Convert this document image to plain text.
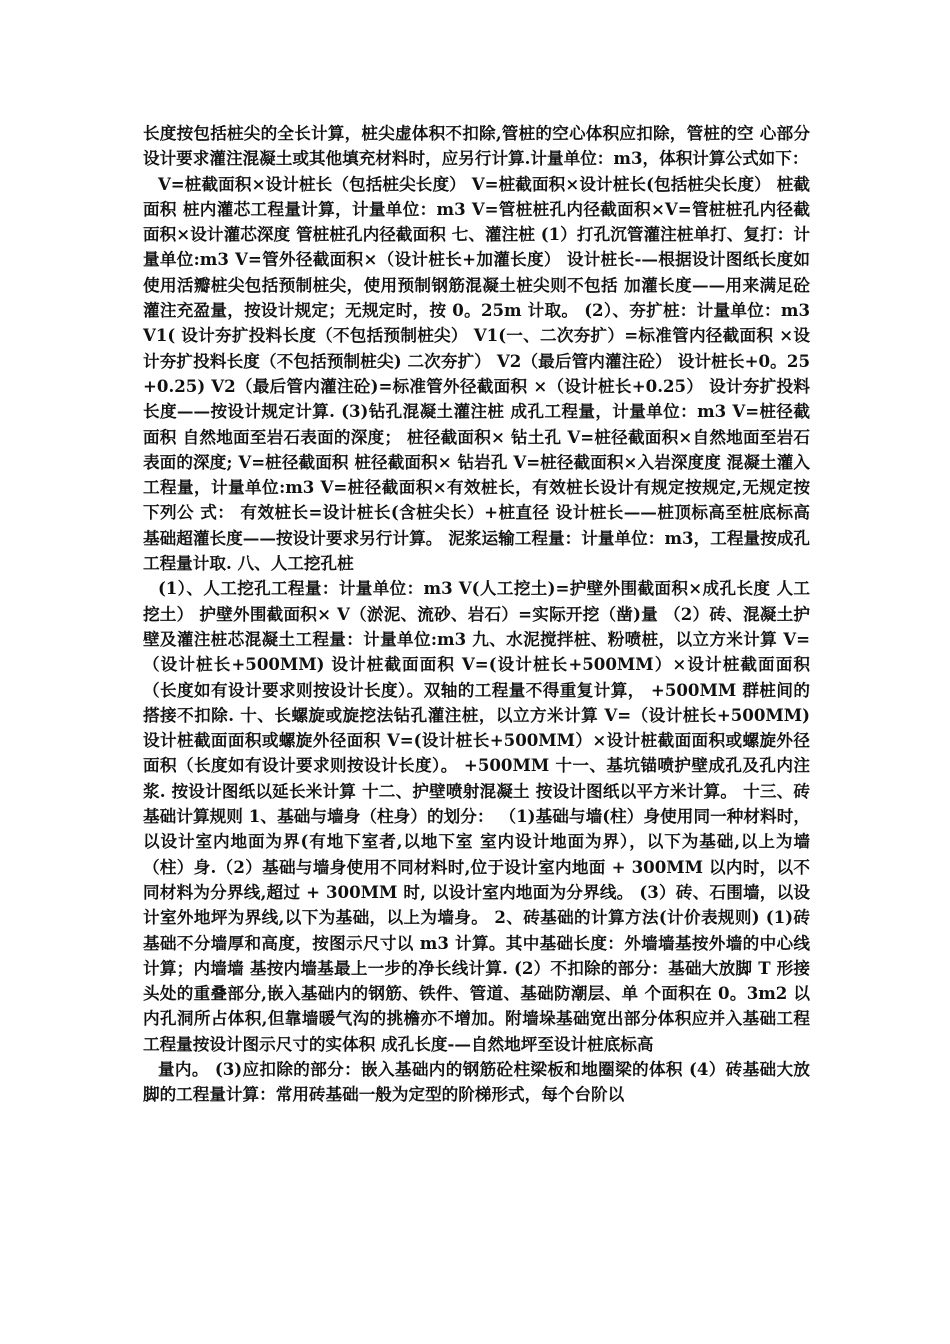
长度按包括桩尖的全长计算，桩尖虚体积不扣除,管桩的空心体积应扣除，管桩的空 心部分设计要求灌注混凝土或其他填充材料时，应另行计算.计量单位：m3，体积计算公式如下：

V=桩截面积×设计桩长（包括桩尖长度） V=桩截面积×设计桩长(包括桩尖长度） 桩截面积 桩内灌芯工程量计算，计量单位：m3 V=管桩桩孔内径截面积×V=管桩桩孔内径截面积×设计灌芯深度 管桩桩孔内径截面积 七、灌注桩 (1）打孔沉管灌注桩单打、复打：计量单位:m3 V=管外径截面积×（设计桩长+加灌长度） 设计桩长-—根据设计图纸长度如使用活瓣桩尖包括预制桩尖，使用预制钢筋混凝土桩尖则不包括 加灌长度——用来满足砼灌注充盈量，按设计规定；无规定时，按 0。25m 计取。 (2）、夯扩桩：计量单位：m3 V1( 设计夯扩投料长度（不包括预制桩尖） V1(一、二次夯扩）=标准管内径截面积 ×设计夯扩投料长度（不包括预制桩尖) 二次夯扩） V2（最后管内灌注砼） 设计桩长+0。25 +0.25) V2（最后管内灌注砼)=标准管外径截面积 ×（设计桩长+0.25） 设计夯扩投料长度——按设计规定计算. (3)钻孔混凝土灌注桩 成孔工程量，计量单位：m3 V=桩径截面积 自然地面至岩石表面的深度； 桩径截面积× 钻土孔 V=桩径截面积×自然地面至岩石表面的深度; V=桩径截面积 桩径截面积× 钻岩孔 V=桩径截面积×入岩深度度 混凝土灌入工程量，计量单位:m3 V=桩径截面积×有效桩长，有效桩长设计有规定按规定,无规定按下列公 式： 有效桩长=设计桩长(含桩尖长）+桩直径 设计桩长——桩顶标高至桩底标高 基础超灌长度——按设计要求另行计算。 泥浆运输工程量：计量单位：m3，工程量按成孔工程量计取. 八、人工挖孔桩

(1）、人工挖孔工程量：计量单位：m3 V(人工挖土)=护壁外围截面积×成孔长度 人工挖土） 护壁外围截面积× V（淤泥、流砂、岩石）=实际开挖（凿)量 （2）砖、混凝土护壁及灌注桩芯混凝土工程量：计量单位:m3 九、水泥搅拌桩、粉喷桩，以立方米计算 V=（设计桩长+500MM) 设计桩截面面积 V=(设计桩长+500MM）×设计桩截面面积（长度如有设计要求则按设计长度）。双轴的工程量不得重复计算， +500MM 群桩间的搭接不扣除. 十、长螺旋或旋挖法钻孔灌注桩，以立方米计算 V=（设计桩长+500MM) 设计桩截面面积或螺旋外径面积 V=(设计桩长+500MM）×设计桩截面面积或螺旋外径面积（长度如有设计要求则按设计长度）。 +500MM 十一、基坑锚喷护壁成孔及孔内注浆. 按设计图纸以延长米计算 十二、护壁喷射混凝土 按设计图纸以平方米计算。 十三、砖基础计算规则 1、基础与墙身（柱身）的划分： （1)基础与墙(柱）身使用同一种材料时，以设计室内地面为界(有地下室者,以地下室 室内设计地面为界），以下为基础,以上为墙（柱）身.（2）基础与墙身使用不同材料时,位于设计室内地面 + 300MM 以内时，以不同材料为分界线,超过 + 300MM 时, 以设计室内地面为分界线。 (3）砖、石围墙，以设计室外地坪为界线,以下为基础，以上为墙身。 2、砖基础的计算方法(计价表规则) (1)砖基础不分墙厚和高度，按图示尺寸以 m3 计算。其中基础长度：外墙墙基按外墙的中心线计算；内墙墙 基按内墙基最上一步的净长线计算. (2）不扣除的部分：基础大放脚 T 形接头处的重叠部分,嵌入基础内的钢筋、铁件、管道、基础防潮层、单 个面积在 0。3m2 以内孔洞所占体积,但靠墙暖气沟的挑檐亦不增加。附墙垛基础宽出部分体积应并入基础工程 工程量按设计图示尺寸的实体积 成孔长度-—自然地坪至设计桩底标高

量内。 (3)应扣除的部分：嵌入基础内的钢筋砼柱梁板和地圈梁的体积 (4）砖基础大放脚的工程量计算：常用砖基础一般为定型的阶梯形式，每个台阶以
